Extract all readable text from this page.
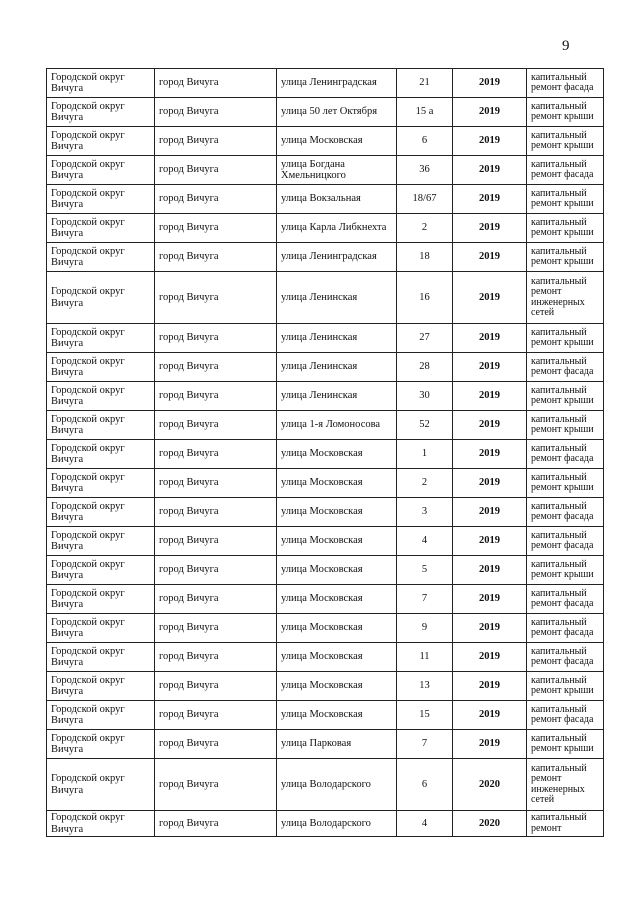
9
Городской округ Вичуга	город Вичуга	улица Ленинградская	21	2019	капитальный ремонт фасада
Городской округ Вичуга	город Вичуга	улица 50 лет Октября	15 а	2019	капитальный ремонт крыши
Городской округ Вичуга	город Вичуга	улица Московская	6	2019	капитальный ремонт крыши
Городской округ Вичуга	город Вичуга	улица Богдана Хмельницкого	36	2019	капитальный ремонт фасада
Городской округ Вичуга	город Вичуга	улица Вокзальная	18/67	2019	капитальный ремонт крыши
Городской округ Вичуга	город Вичуга	улица Карла Либкнехта	2	2019	капитальный ремонт крыши
Городской округ Вичуга	город Вичуга	улица Ленинградская	18	2019	капитальный ремонт крыши
Городской округ Вичуга	город Вичуга	улица Ленинская	16	2019	капитальный ремонт инженерных сетей
Городской округ Вичуга	город Вичуга	улица Ленинская	27	2019	капитальный ремонт крыши
Городской округ Вичуга	город Вичуга	улица Ленинская	28	2019	капитальный ремонт фасада
Городской округ Вичуга	город Вичуга	улица Ленинская	30	2019	капитальный ремонт крыши
Городской округ Вичуга	город Вичуга	улица 1-я Ломоносова	52	2019	капитальный ремонт крыши
Городской округ Вичуга	город Вичуга	улица Московская	1	2019	капитальный ремонт фасада
Городской округ Вичуга	город Вичуга	улица Московская	2	2019	капитальный ремонт крыши
Городской округ Вичуга	город Вичуга	улица Московская	3	2019	капитальный ремонт фасада
Городской округ Вичуга	город Вичуга	улица Московская	4	2019	капитальный ремонт фасада
Городской округ Вичуга	город Вичуга	улица Московская	5	2019	капитальный ремонт крыши
Городской округ Вичуга	город Вичуга	улица Московская	7	2019	капитальный ремонт фасада
Городской округ Вичуга	город Вичуга	улица Московская	9	2019	капитальный ремонт фасада
Городской округ Вичуга	город Вичуга	улица Московская	11	2019	капитальный ремонт фасада
Городской округ Вичуга	город Вичуга	улица Московская	13	2019	капитальный ремонт крыши
Городской округ Вичуга	город Вичуга	улица Московская	15	2019	капитальный ремонт фасада
Городской округ Вичуга	город Вичуга	улица Парковая	7	2019	капитальный ремонт крыши
Городской округ Вичуга	город Вичуга	улица Володарского	6	2020	капитальный ремонт инженерных сетей
Городской округ Вичуга	город Вичуга	улица Володарского	4	2020	капитальный ремонт
